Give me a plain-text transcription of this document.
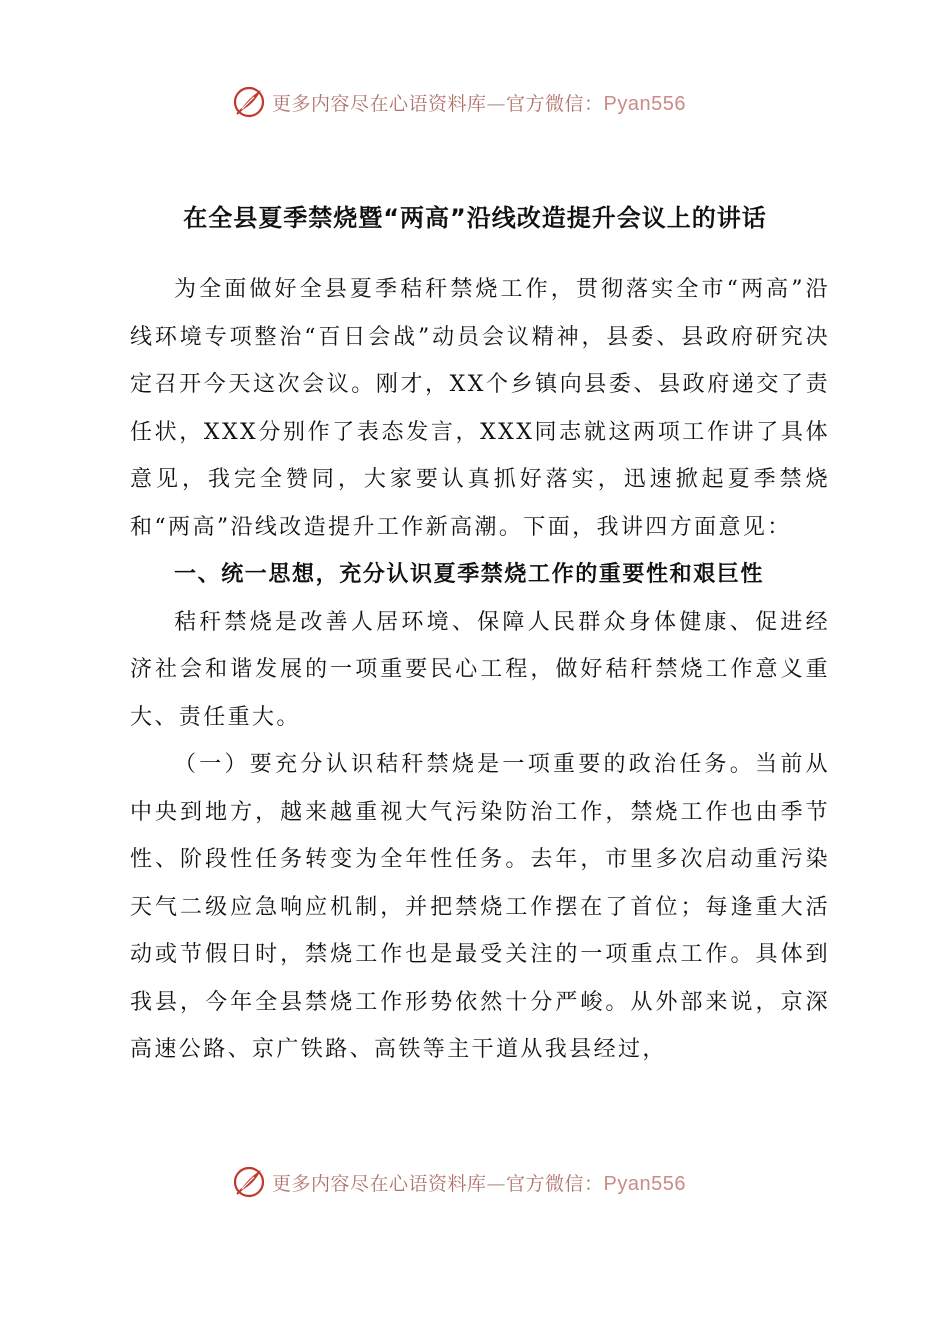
更多内容尽在心语资料库—官方微信：Pyan556
在全县夏季禁烧暨“两高”沿线改造提升会议上的讲话

为全面做好全县夏季秸秆禁烧工作，贯彻落实全市“两高”沿线环境专项整治“百日会战”动员会议精神，县委、县政府研究决定召开今天这次会议。刚才，XX个乡镇向县委、县政府递交了责任状，XXX分别作了表态发言，XXX同志就这两项工作讲了具体意见，我完全赞同，大家要认真抓好落实，迅速掀起夏季禁烧和“两高”沿线改造提升工作新高潮。下面，我讲四方面意见：

一、统一思想，充分认识夏季禁烧工作的重要性和艰巨性

秸秆禁烧是改善人居环境、保障人民群众身体健康、促进经济社会和谐发展的一项重要民心工程，做好秸秆禁烧工作意义重大、责任重大。

（一）要充分认识秸秆禁烧是一项重要的政治任务。当前从中央到地方，越来越重视大气污染防治工作，禁烧工作也由季节性、阶段性任务转变为全年性任务。去年，市里多次启动重污染天气二级应急响应机制，并把禁烧工作摆在了首位；每逢重大活动或节假日时，禁烧工作也是最受关注的一项重点工作。具体到我县，今年全县禁烧工作形势依然十分严峻。从外部来说，京深高速公路、京广铁路、高铁等主干道从我县经过，

更多内容尽在心语资料库—官方微信：Pyan556
